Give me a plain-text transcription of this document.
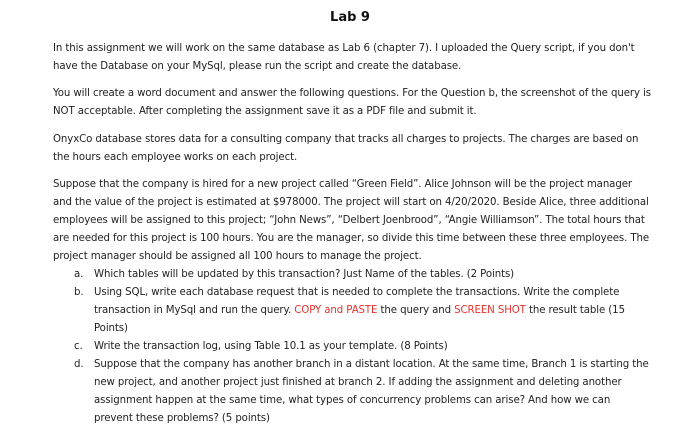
Lab 9
In this assignment we will work on the same database as Lab 6 (chapter 7). I uploaded the Query script, if you don't have the Database on your MySql, please run the script and create the database.
You will create a word document and answer the following questions. For the Question b, the screenshot of the query is NOT acceptable. After completing the assignment save it as a PDF file and submit it.
OnyxCo database stores data for a consulting company that tracks all charges to projects. The charges are based on the hours each employee works on each project.
Suppose that the company is hired for a new project called “Green Field”. Alice Johnson will be the project manager and the value of the project is estimated at $978000. The project will start on 4/20/2020. Beside Alice, three additional employees will be assigned to this project; “John News”, “Delbert Joenbrood”, “Angie Williamson”. The total hours that are needed for this project is 100 hours. You are the manager, so divide this time between these three employees. The project manager should be assigned all 100 hours to manage the project.
a. Which tables will be updated by this transaction? Just Name of the tables. (2 Points)
b. Using SQL, write each database request that is needed to complete the transactions. Write the complete transaction in MySql and run the query. COPY and PASTE the query and SCREEN SHOT the result table (15 Points)
c. Write the transaction log, using Table 10.1 as your template. (8 Points)
d. Suppose that the company has another branch in a distant location. At the same time, Branch 1 is starting the new project, and another project just finished at branch 2. If adding the assignment and deleting another assignment happen at the same time, what types of concurrency problems can arise? And how we can prevent these problems? (5 points)
